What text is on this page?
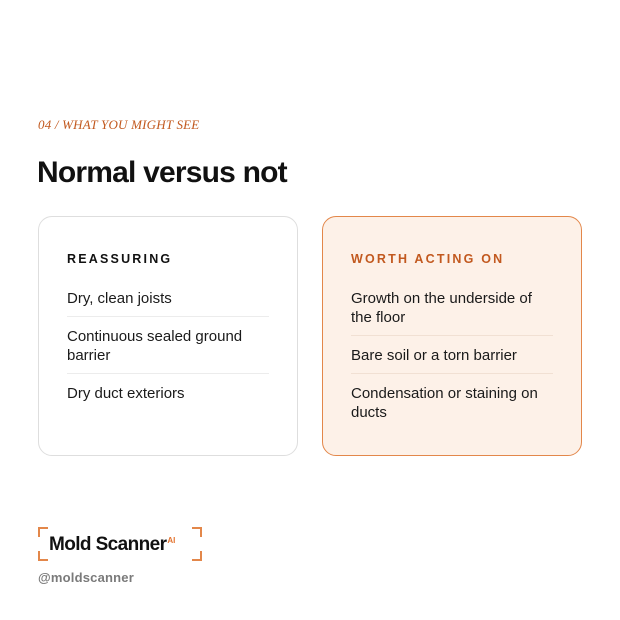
04 / WHAT YOU MIGHT SEE
Normal versus not
REASSURING
Dry, clean joists
Continuous sealed ground barrier
Dry duct exteriors
WORTH ACTING ON
Growth on the underside of the floor
Bare soil or a torn barrier
Condensation or staining on ducts
Mold Scanner$^{AI}$
@moldscanner
